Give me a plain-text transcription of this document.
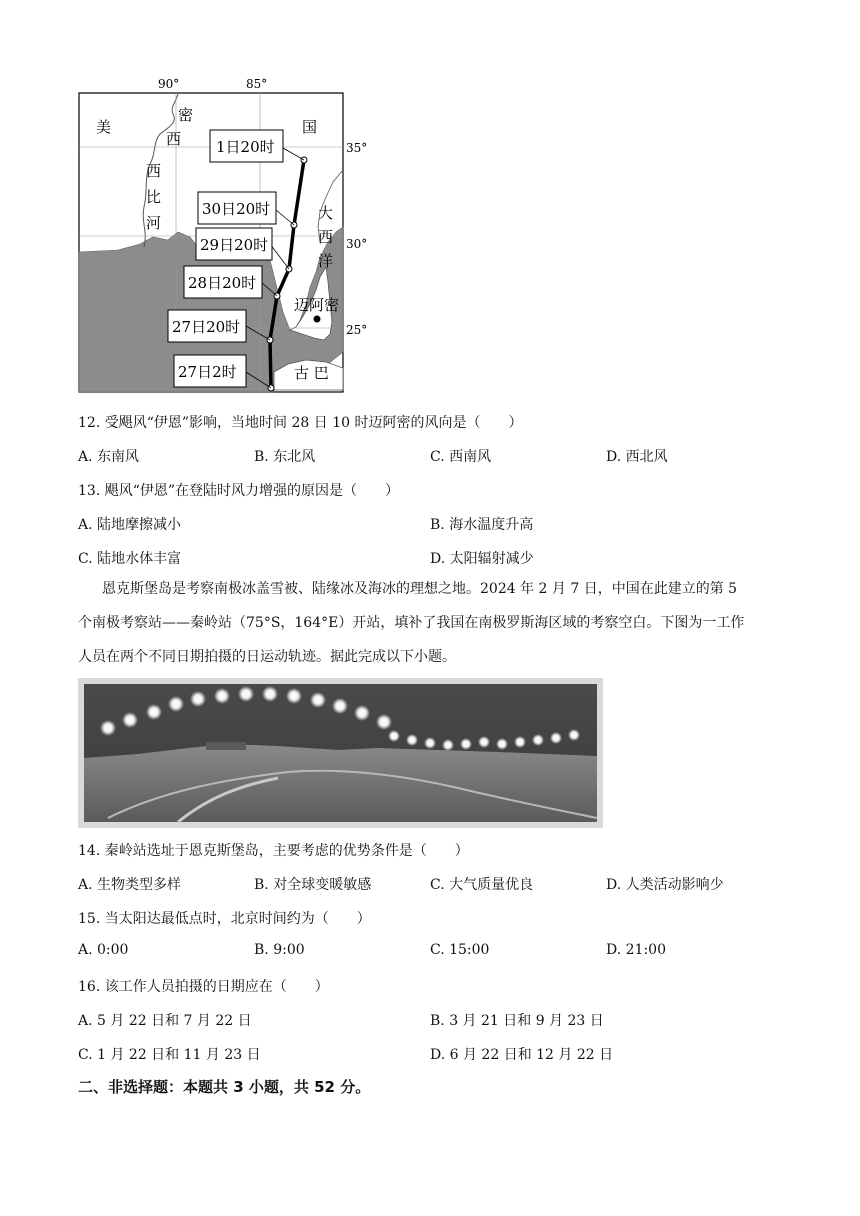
90°	85°
35°
30°
25°
美	国
密
西
西
比
河
大
西
洋
迈阿密
古 巴
1日20时
30日20时
29日20时
28日20时
27日20时
27日2时
12. 受飓风“伊恩”影响，当地时间 28 日 10 时迈阿密的风向是（　　）
A. 东南风	B. 东北风	C. 西南风	D. 西北风
13. 飓风“伊恩”在登陆时风力增强的原因是（　　）
A. 陆地摩擦减小	B. 海水温度升高
C. 陆地水体丰富	D. 太阳辐射减少
恩克斯堡岛是考察南极冰盖雪被、陆缘冰及海冰的理想之地。2024 年 2 月 7 日，中国在此建立的第 5
个南极考察站——秦岭站（75°S，164°E）开站，填补了我国在南极罗斯海区域的考察空白。下图为一工作
人员在两个不同日期拍摄的日运动轨迹。据此完成以下小题。
14. 秦岭站选址于恩克斯堡岛，主要考虑的优势条件是（　　）
A. 生物类型多样	B. 对全球变暖敏感	C. 大气质量优良	D. 人类活动影响少
15. 当太阳达最低点时，北京时间约为（　　）
A. 0:00	B. 9:00	C. 15:00	D. 21:00
16. 该工作人员拍摄的日期应在（　　）
A. 5 月 22 日和 7 月 22 日	B. 3 月 21 日和 9 月 23 日
C. 1 月 22 日和 11 月 23 日	D. 6 月 22 日和 12 月 22 日
二、非选择题：本题共 3 小题，共 52 分。
